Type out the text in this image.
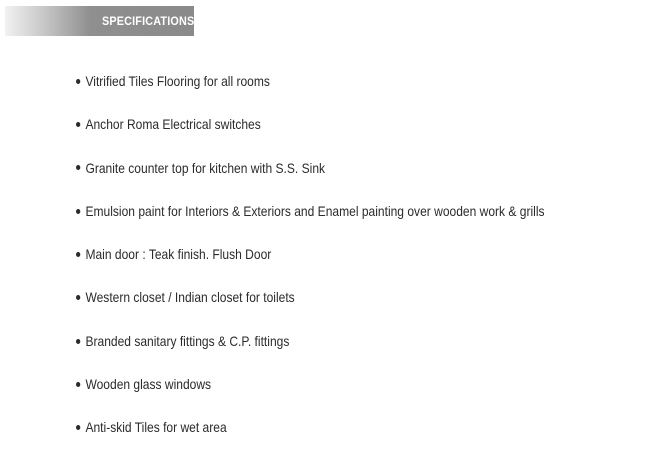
SPECIFICATIONS
Vitrified Tiles Flooring for all rooms
Anchor Roma Electrical switches
Granite counter top for kitchen with S.S. Sink
Emulsion paint for Interiors & Exteriors and Enamel painting over wooden work & grills
Main door : Teak finish. Flush Door
Western closet / Indian closet for toilets
Branded sanitary fittings & C.P. fittings
Wooden glass windows
Anti-skid Tiles for wet area
